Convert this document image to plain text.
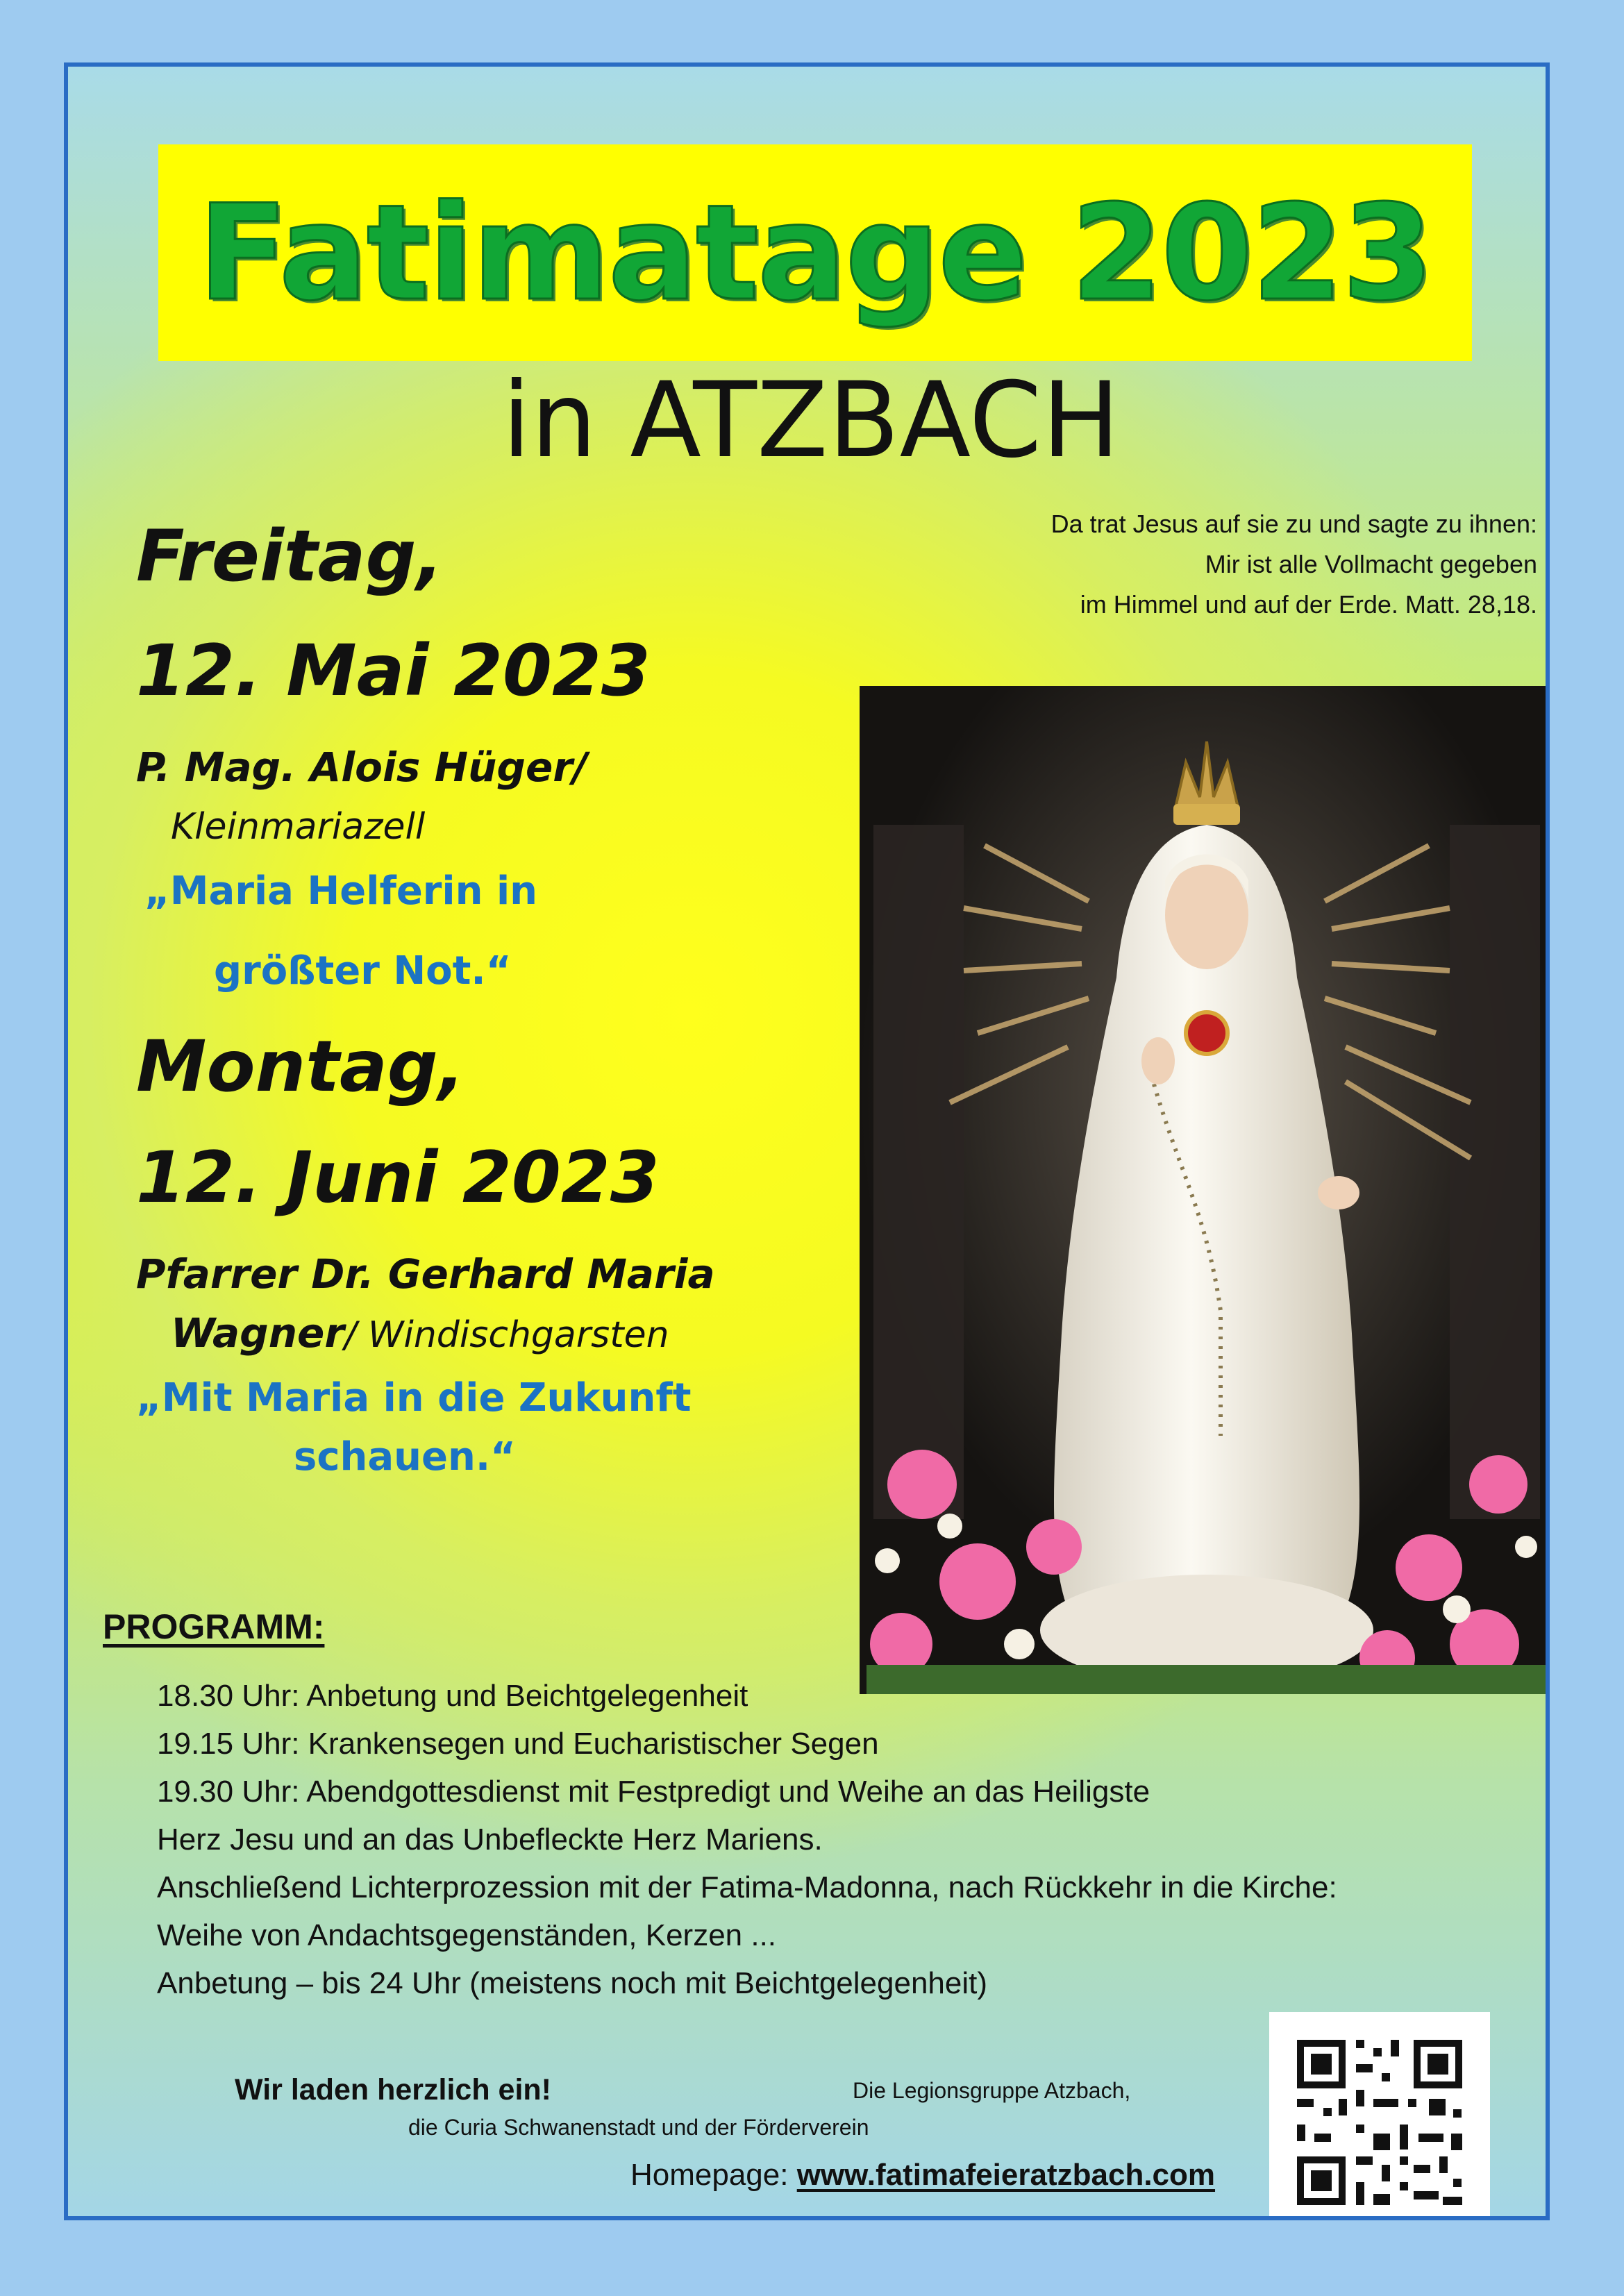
Fatimatage 2023
in ATZBACH
Da trat Jesus auf sie zu und sagte zu ihnen:
Mir ist alle Vollmacht gegeben
im Himmel und auf der Erde. Matt. 28,18.
Freitag,
12. Mai 2023
P. Mag. Alois Hüger/
Kleinmariazell
„Maria Helferin in
größter Not.“
Montag,
12. Juni 2023
Pfarrer Dr. Gerhard Maria
Wagner/ Windischgarsten
„Mit Maria in die Zukunft
schauen.“
PROGRAMM:
18.30 Uhr: Anbetung und Beichtgelegenheit
19.15 Uhr: Krankensegen und Eucharistischer Segen
19.30 Uhr: Abendgottesdienst mit Festpredigt und Weihe an das Heiligste
Herz Jesu und an das Unbefleckte Herz Mariens.
Anschließend Lichterprozession mit der Fatima-Madonna, nach Rückkehr in die Kirche:
Weihe von Andachtsgegenständen, Kerzen ...
Anbetung – bis 24 Uhr (meistens noch mit Beichtgelegenheit)
Wir laden herzlich ein!	Die Legionsgruppe Atzbach,
die Curia Schwanenstadt und der Förderverein
Homepage: www.fatimafeieratzbach.com
